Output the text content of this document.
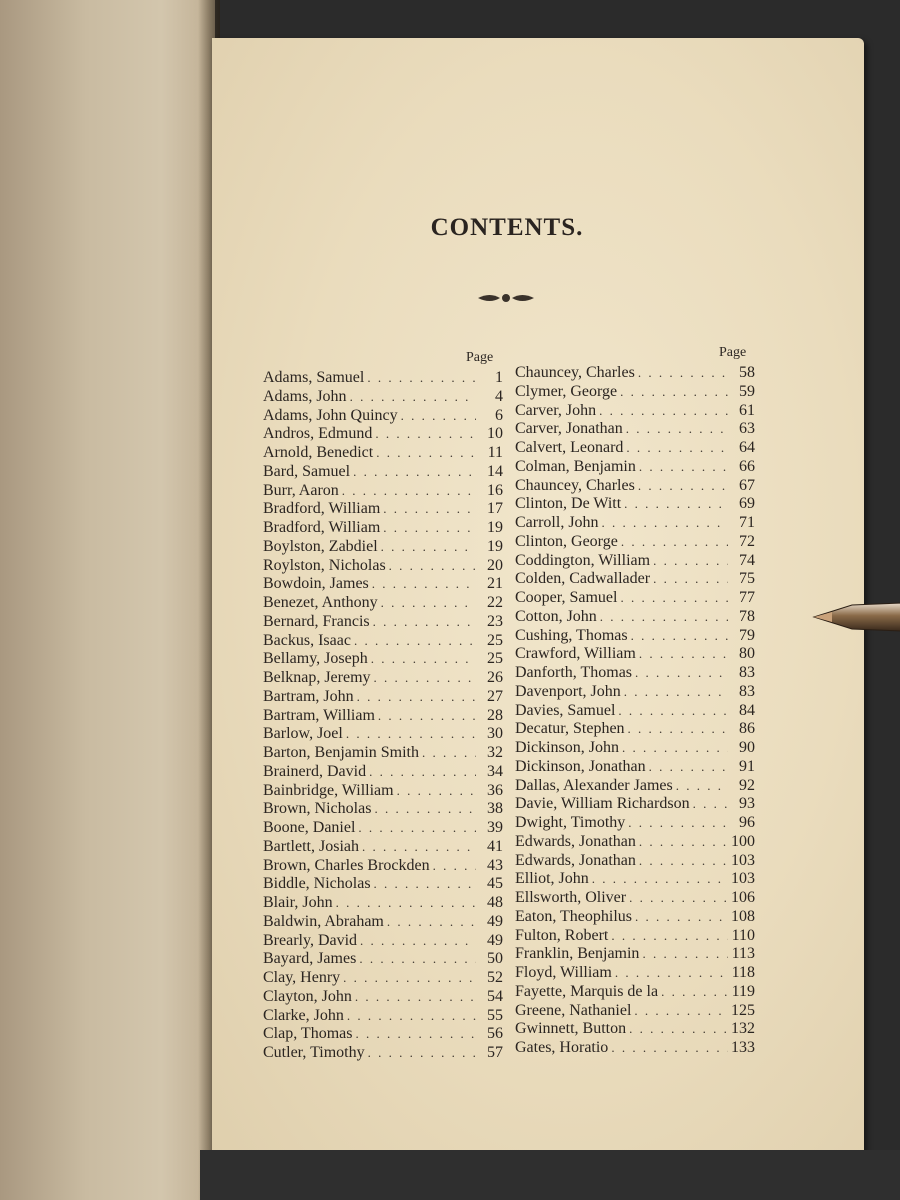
CONTENTS.
Page	Page
Adams, Samuel . . .	1
Adams, John . . .	4
Adams, John Quincy . . .	6
Andros, Edmund . . .	10
Arnold, Benedict . . .	11
Bard, Samuel . . .	14
Burr, Aaron . . .	16
Bradford, William . . .	17
Bradford, William . . .	19
Boylston, Zabdiel . . .	19
Roylston, Nicholas . . .	20
Bowdoin, James . . .	21
Benezet, Anthony . . .	22
Bernard, Francis . . .	23
Backus, Isaac . . .	25
Bellamy, Joseph . . .	25
Belknap, Jeremy . . .	26
Bartram, John . . .	27
Bartram, William . . .	28
Barlow, Joel . . .	30
Barton, Benjamin Smith . . .	32
Brainerd, David . . .	34
Bainbridge, William . . .	36
Brown, Nicholas . . .	38
Boone, Daniel . . .	39
Bartlett, Josiah . . .	41
Brown, Charles Brockden . . .	43
Biddle, Nicholas . . .	45
Blair, John . . .	48
Baldwin, Abraham . . .	49
Brearly, David . . .	49
Bayard, James . . .	50
Clay, Henry . . .	52
Clayton, John . . .	54
Clarke, John . . .	55
Clap, Thomas . . .	56
Cutler, Timothy . . .	57
Chauncey, Charles . . .	58
Clymer, George . . .	59
Carver, John . . .	61
Carver, Jonathan . . .	63
Calvert, Leonard . . .	64
Colman, Benjamin . . .	66
Chauncey, Charles . . .	67
Clinton, De Witt . . .	69
Carroll, John . . .	71
Clinton, George . . .	72
Coddington, William . . .	74
Colden, Cadwallader . . .	75
Cooper, Samuel . . .	77
Cotton, John . . .	78
Cushing, Thomas . . .	79
Crawford, William . . .	80
Danforth, Thomas . . .	83
Davenport, John . . .	83
Davies, Samuel . . .	84
Decatur, Stephen . . .	86
Dickinson, John . . .	90
Dickinson, Jonathan . . .	91
Dallas, Alexander James . . .	92
Davie, William Richardson . . .	93
Dwight, Timothy . . .	96
Edwards, Jonathan . . .	100
Edwards, Jonathan . . .	103
Elliot, John . . .	103
Ellsworth, Oliver . . .	106
Eaton, Theophilus . . .	108
Fulton, Robert . . .	110
Franklin, Benjamin . . .	113
Floyd, William . . .	118
Fayette, Marquis de la . . .	119
Greene, Nathaniel . . .	125
Gwinnett, Button . . .	132
Gates, Horatio . . .	133
